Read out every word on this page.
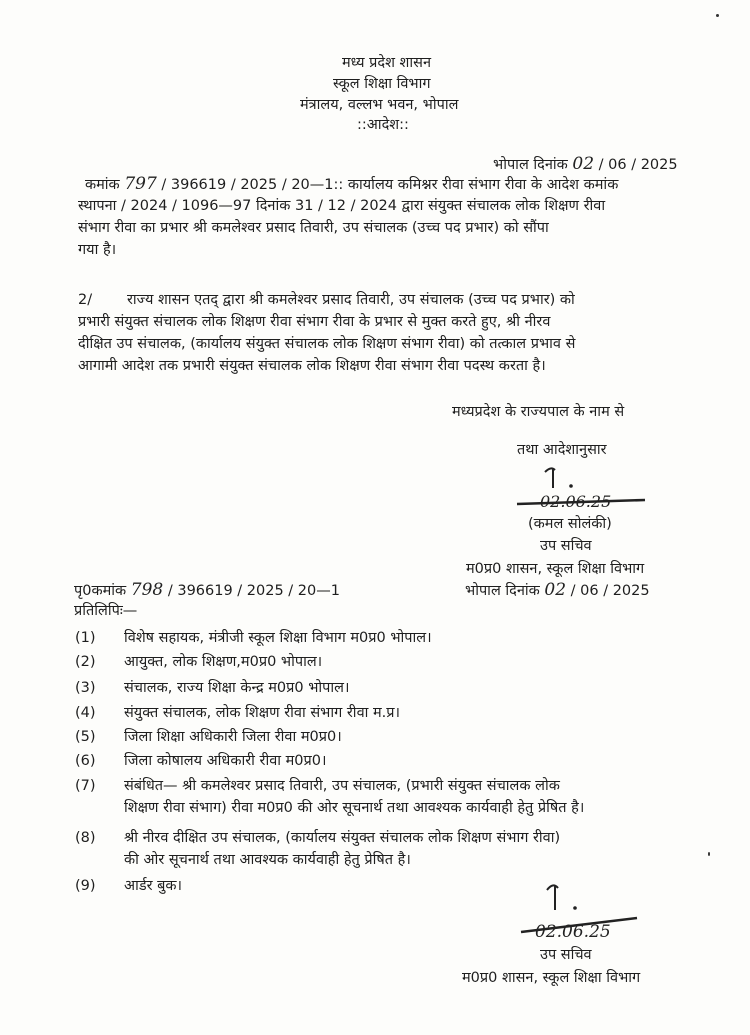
मध्य प्रदेश शासन
स्कूल शिक्षा विभाग
मंत्रालय, वल्लभ भवन, भोपाल
::आदेश::
भोपाल दिनांक 02 / 06 / 2025
कमांक 797 / 396619 / 2025 / 20—1:: कार्यालय कमिश्नर रीवा संभाग रीवा के आदेश कमांक
स्थापना / 2024 / 1096—97 दिनांक 31 / 12 / 2024 द्वारा संयुक्त संचालक लोक शिक्षण रीवा
संभाग रीवा का प्रभार श्री कमलेश्वर प्रसाद तिवारी, उप संचालक (उच्च पद प्रभार) को सौंपा
गया है।
2/ राज्य शासन एतद् द्वारा श्री कमलेश्वर प्रसाद तिवारी, उप संचालक (उच्च पद प्रभार) को
प्रभारी संयुक्त संचालक लोक शिक्षण रीवा संभाग रीवा के प्रभार से मुक्त करते हुए, श्री नीरव
दीक्षित उप संचालक, (कार्यालय संयुक्त संचालक लोक शिक्षण संभाग रीवा) को तत्काल प्रभाव से
आगामी आदेश तक प्रभारी संयुक्त संचालक लोक शिक्षण रीवा संभाग रीवा पदस्थ करता है।
मध्यप्रदेश के राज्यपाल के नाम से
तथा आदेशानुसार
02.06.25
(कमल सोलंकी)
उप सचिव
म0प्र0 शासन, स्कूल शिक्षा विभाग
पृ0कमांक 798 / 396619 / 2025 / 20—1	भोपाल दिनांक 02 / 06 / 2025
प्रतिलिपिः—
(1) विशेष सहायक, मंत्रीजी स्कूल शिक्षा विभाग म0प्र0 भोपाल।
(2) आयुक्त, लोक शिक्षण,म0प्र0 भोपाल।
(3) संचालक, राज्य शिक्षा केन्द्र म0प्र0 भोपाल।
(4) संयुक्त संचालक, लोक शिक्षण रीवा संभाग रीवा म.प्र।
(5) जिला शिक्षा अधिकारी जिला रीवा म0प्र0।
(6) जिला कोषालय अधिकारी रीवा म0प्र0।
(7) संबंधित— श्री कमलेश्वर प्रसाद तिवारी, उप संचालक, (प्रभारी संयुक्त संचालक लोक
शिक्षण रीवा संभाग) रीवा म0प्र0 की ओर सूचनार्थ तथा आवश्यक कार्यवाही हेतु प्रेषित है।
(8) श्री नीरव दीक्षित उप संचालक, (कार्यालय संयुक्त संचालक लोक शिक्षण संभाग रीवा)
की ओर सूचनार्थ तथा आवश्यक कार्यवाही हेतु प्रेषित है।
(9) आर्डर बुक।
02.06.25
उप सचिव
म0प्र0 शासन, स्कूल शिक्षा विभाग
